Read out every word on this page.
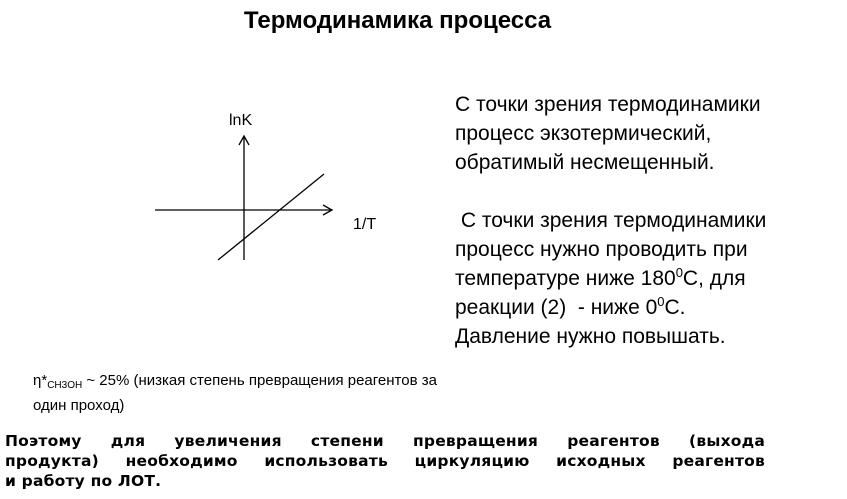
Термодинамика процесса
lnK
1/T

С точки зрения термодинамики

процесс экзотермический,

обратимый несмещенный.

С точки зрения термодинамики

процесс нужно проводить при

температуре ниже $180^0С$, для

реакции (2)  - ниже $0^0С$.

Давление нужно повышать.

$\eta*_{CH3OH}$ ~ 25% (низкая степень превращения реагентов за
один проход)
Поэтому для увеличения степени превращения реагентов (выхода
продукта) необходимо использовать циркуляцию исходных реагентов
и работу по ЛОТ.
